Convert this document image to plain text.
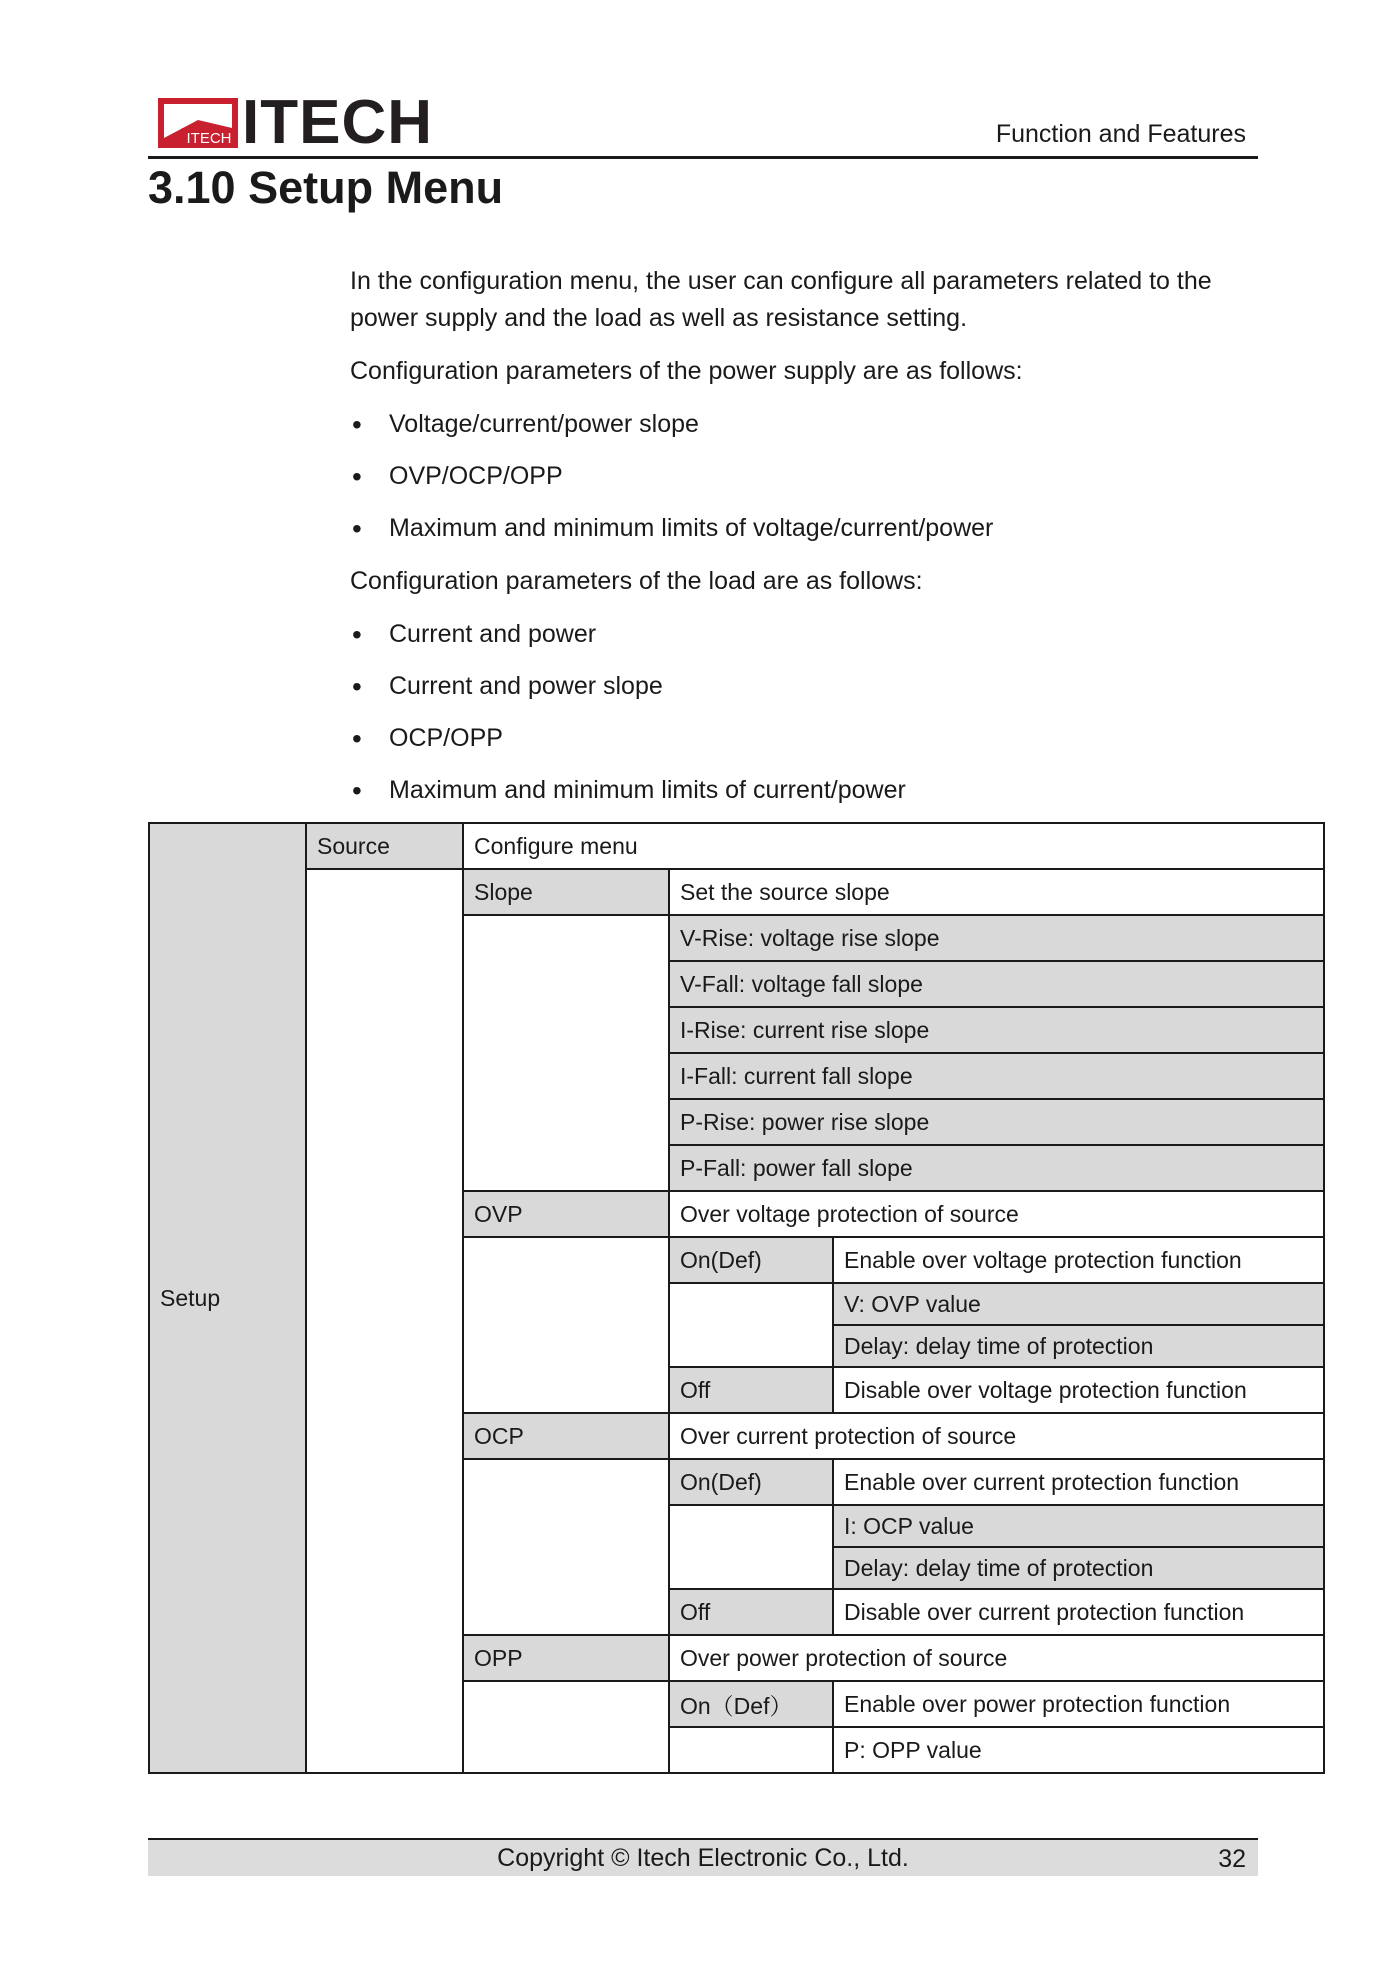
ITECH ITECH	Function and Features
3.10 Setup Menu

In the configuration menu, the user can configure all parameters related to the power supply and the load as well as resistance setting.

Configuration parameters of the power supply are as follows:

• Voltage/current/power slope
• OVP/OCP/OPP
• Maximum and minimum limits of voltage/current/power

Configuration parameters of the load are as follows:

• Current and power
• Current and power slope
• OCP/OPP
• Maximum and minimum limits of current/power
Setup	Source	Configure menu		
		Slope	Set the source slope	
			V-Rise: voltage rise slope	
			V-Fall: voltage fall slope	
			I-Rise: current rise slope	
			I-Fall: current fall slope	
			P-Rise: power rise slope	
			P-Fall: power fall slope	
		OVP	Over voltage protection of source	
			On(Def)	Enable over voltage protection function
				V: OVP value
				Delay: delay time of protection
			Off	Disable over voltage protection function
		OCP	Over current protection of source	
			On(Def)	Enable over current protection function
				I: OCP value
				Delay: delay time of protection
			Off	Disable over current protection function
		OPP	Over power protection of source	
			On（Def）	Enable over power protection function
				P: OPP value
Copyright © Itech Electronic Co., Ltd.	32
